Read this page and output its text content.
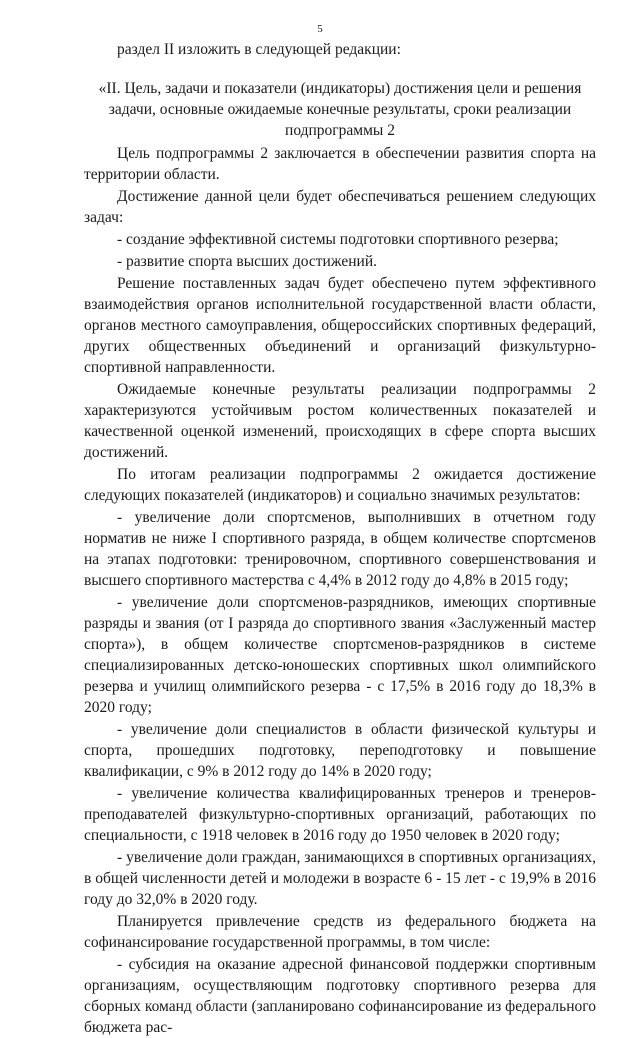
5
раздел II изложить в следующей редакции:
«II. Цель, задачи и показатели (индикаторы) достижения цели и решения задачи, основные ожидаемые конечные результаты, сроки реализации подпрограммы 2

Цель подпрограммы 2 заключается в обеспечении развития спорта на территории области.

Достижение данной цели будет обеспечиваться решением следующих задач:

- создание эффективной системы подготовки спортивного резерва;

- развитие спорта высших достижений.

Решение поставленных задач будет обеспечено путем эффективного взаимодействия органов исполнительной государственной власти области, органов местного самоуправления, общероссийских спортивных федераций, других общественных объединений и организаций физкультурно-спортивной направленности.

Ожидаемые конечные результаты реализации подпрограммы 2 характеризуются устойчивым ростом количественных показателей и качественной оценкой изменений, происходящих в сфере спорта высших достижений.

По итогам реализации подпрограммы 2 ожидается достижение следующих показателей (индикаторов) и социально значимых результатов:

- увеличение доли спортсменов, выполнивших в отчетном году норматив не ниже I спортивного разряда, в общем количестве спортсменов на этапах подготовки: тренировочном, спортивного совершенствования и высшего спортивного мастерства с 4,4% в 2012 году до 4,8% в 2015 году;

- увеличение доли спортсменов-разрядников, имеющих спортивные разряды и звания (от I разряда до спортивного звания «Заслуженный мастер спорта»), в общем количестве спортсменов-разрядников в системе специализированных детско-юношеских спортивных школ олимпийского резерва и училищ олимпийского резерва - с 17,5% в 2016 году до 18,3% в 2020 году;

- увеличение доли специалистов в области физической культуры и спорта, прошедших подготовку, переподготовку и повышение квалификации, с 9% в 2012 году до 14% в 2020 году;

- увеличение количества квалифицированных тренеров и тренеров-преподавателей физкультурно-спортивных организаций, работающих по специальности, с 1918 человек в 2016 году до 1950 человек в 2020 году;

- увеличение доли граждан, занимающихся в спортивных организациях, в общей численности детей и молодежи в возрасте 6 - 15 лет - с 19,9% в 2016 году до 32,0% в 2020 году.

Планируется привлечение средств из федерального бюджета на софинансирование государственной программы, в том числе:

- субсидия на оказание адресной финансовой поддержки спортивным организациям, осуществляющим подготовку спортивного резерва для сборных команд области (запланировано софинансирование из федерального бюджета рас-
